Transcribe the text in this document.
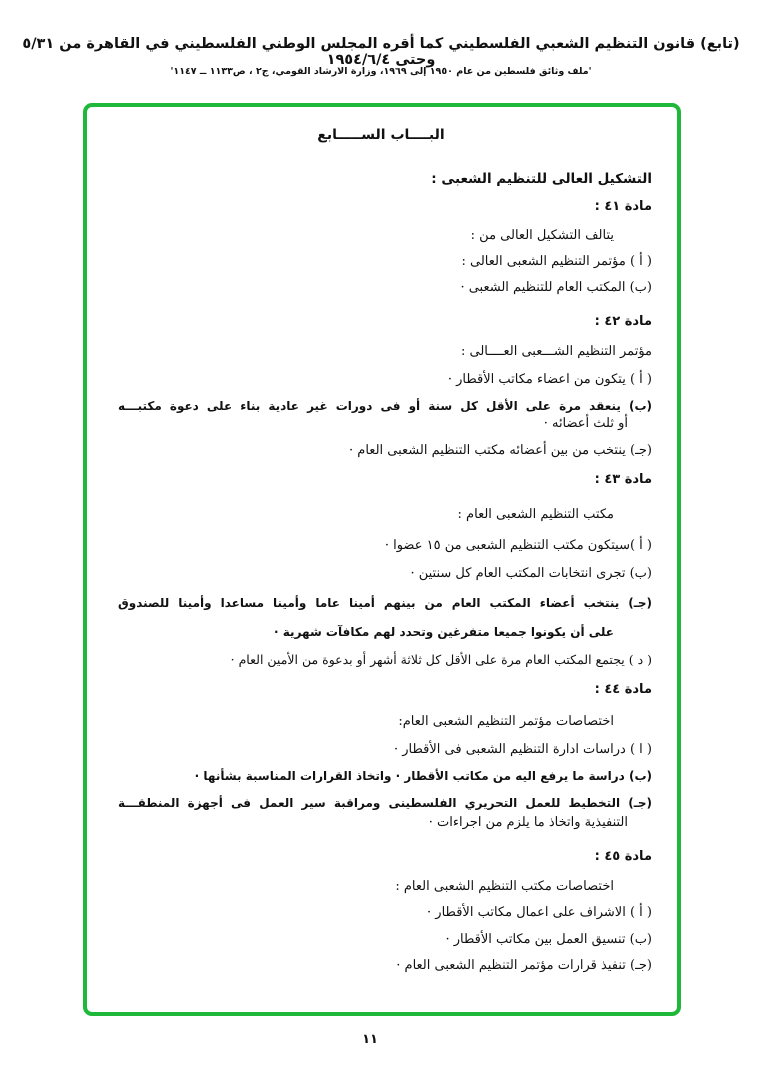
(تابع) قانون التنظيم الشعبي الفلسطيني كما أقره المجلس الوطني الفلسطيني في القاهرة من ٥/٣١ وحتى ١٩٥٤/٦/٤
'ملف وثائق فلسطين من عام ١٩٥٠ إلى ١٩٦٩، وزارة الارشاد القومي، ج٢ ، ص١١٣٣ ــ ١١٤٧'
البــــاب الســـــابع
التشكيل العالى للتنظيم الشعبى :
مادة ٤١ :
يتالف التشكيل العالى من :
( أ ) مؤتمر التنظيم الشعبى العالى :
(ب) المكتب العام للتنظيم الشعبى ·
مادة ٤٢ :
مؤتمر التنظيم الشـــعبى العــــالى :
( أ ) يتكون من اعضاء مكاتب الأقطار ·
(ب) ينعقد مرة على الأقل كل سنة أو فى دورات غير عادية بناء على دعوة مكتبـــه
أو ثلث أعضائه ·
(جـ) ينتخب من بين أعضائه مكتب التنظيم الشعبى العام ·
مادة ٤٣ :
مكتب التنظيم الشعبى العام :
( أ )سيتكون مكتب التنظيم الشعبى من ١٥ عضوا ·
(ب) تجرى انتخابات المكتب العام كل سنتين ·
(جـ) ينتخب أعضاء المكتب العام من بينهم أمينا عاما وأمينا مساعدا وأمينا للصندوق
على أن يكونوا جميعا متفرغين وتحدد لهم مكافآت شهرية ·
( د ) يجتمع المكتب العام مرة على الأقل كل ثلاثة أشهر أو بدعوة من الأمين العام ·
مادة ٤٤ :
اختصاصات مؤتمر التنظيم الشعبى العام:
( ا ) دراسات ادارة التنظيم الشعبى فى الأقطار ·
(ب) دراسة ما يرفع اليه من مكاتب الأقطار · واتخاذ القرارات المناسبة بشأنها ·
(جـ) التخطيط للعمل التحريري الفلسطينى ومراقبة سير العمل فى أجهزة المنطقـــة
التنفيذية واتخاذ ما يلزم من اجراءات ·
مادة ٤٥ :
اختصاصات مكتب التنظيم الشعبى العام :
( أ ) الاشراف على اعمال مكاتب الأقطار ·
(ب) تنسيق العمل بين مكاتب الأقطار ·
(جـ) تنفيذ قرارات مؤتمر التنظيم الشعبى العام ·
١١
